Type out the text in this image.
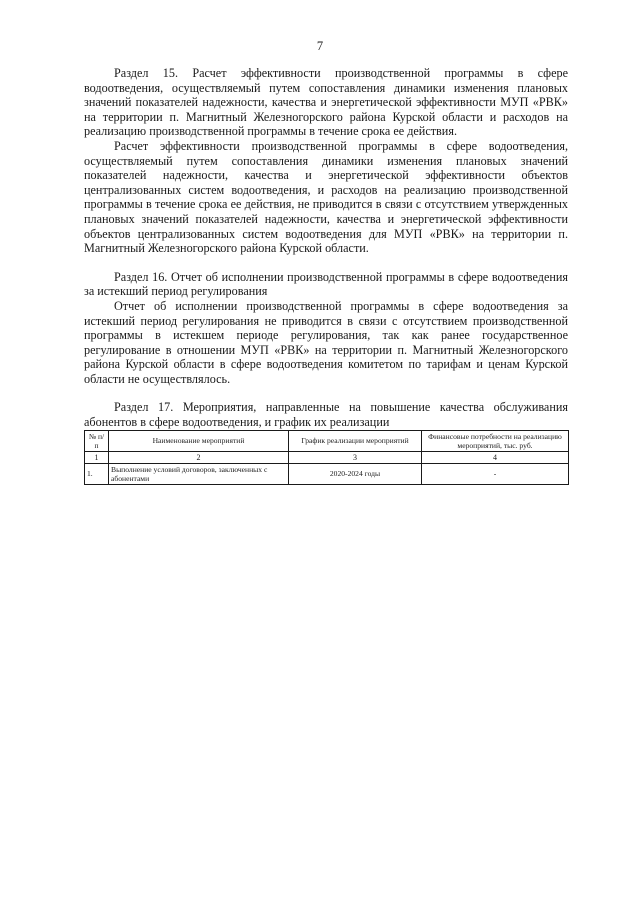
7

Раздел 15. Расчет эффективности производственной программы в сфере водоотведения, осуществляемый путем сопоставления динамики изменения плановых значений показателей надежности, качества и энергетической эффективности МУП «РВК» на территории п. Магнитный Железногорского района Курской области и расходов на реализацию производственной программы в течение срока ее действия.

Расчет эффективности производственной программы в сфере водоотведения, осуществляемый путем сопоставления динамики изменения плановых значений показателей надежности, качества и энергетической эффективности объектов централизованных систем водоотведения, и расходов на реализацию производственной программы в течение срока ее действия, не приводится в связи с отсутствием утвержденных плановых значений показателей надежности, качества и энергетической эффективности объектов централизованных систем водоотведения для МУП «РВК» на территории п. Магнитный Железногорского района Курской области.

Раздел 16. Отчет об исполнении производственной программы в сфере водоотведения за истекший период регулирования

Отчет об исполнении производственной программы в сфере водоотведения за истекший период регулирования не приводится в связи с отсутствием производственной программы в истекшем периоде регулирования, так как ранее государственное регулирование в отношении МУП «РВК» на территории п. Магнитный Железногорского района Курской области в сфере водоотведения комитетом по тарифам и ценам Курской области не осуществлялось.

Раздел 17. Мероприятия, направленные на повышение качества обслуживания абонентов в сфере водоотведения, и график их реализации

№ п/п	Наименование мероприятий	График реализации мероприятий	Финансовые потребности на реализацию мероприятий, тыс. руб.
1	2	3	4
1.	Выполнение условий договоров, заключенных с абонентами	2020-2024 годы	-
